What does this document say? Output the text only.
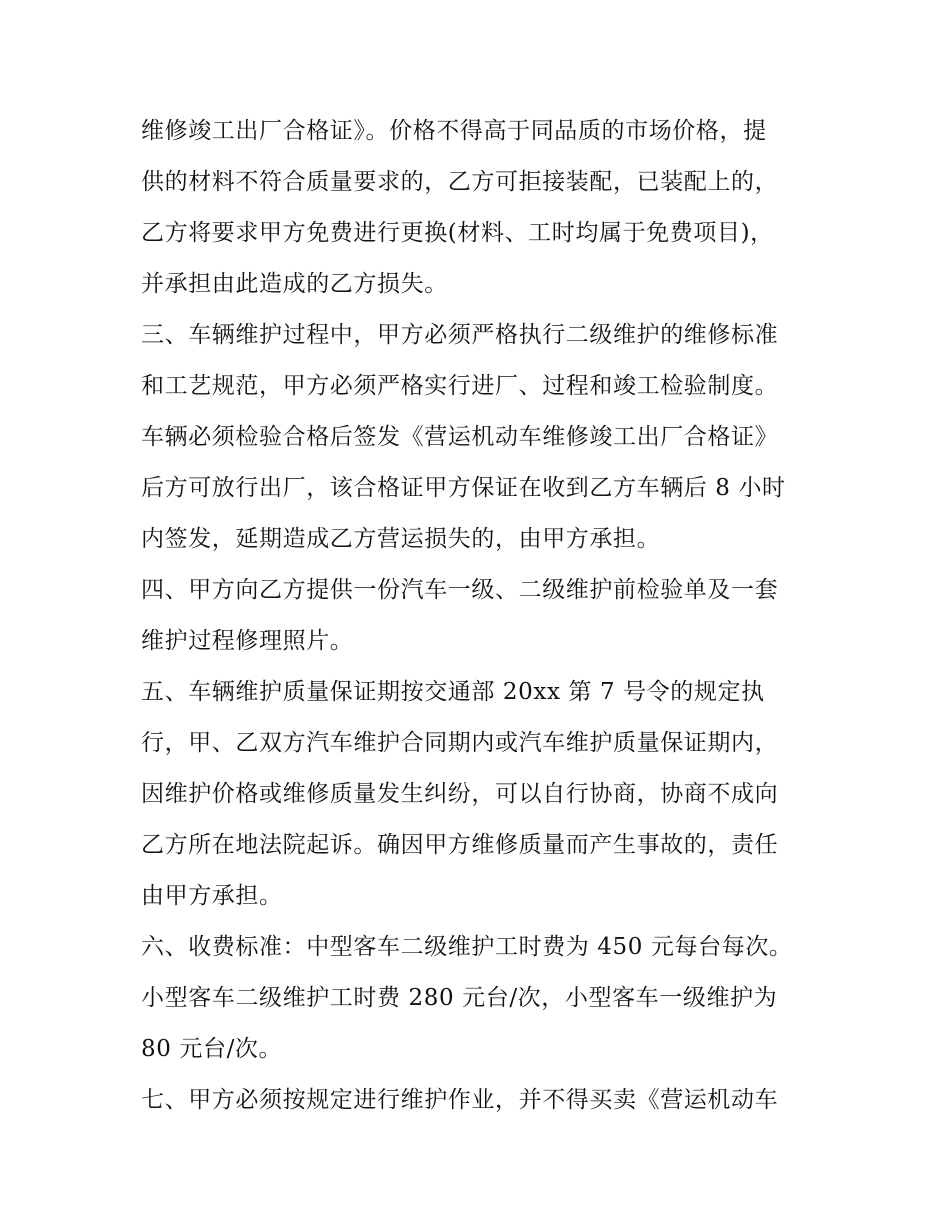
维修竣工出厂合格证》。价格不得高于同品质的市场价格，提
供的材料不符合质量要求的，乙方可拒接装配，已装配上的，
乙方将要求甲方免费进行更换(材料、工时均属于免费项目)，
并承担由此造成的乙方损失。
三、车辆维护过程中，甲方必须严格执行二级维护的维修标准
和工艺规范，甲方必须严格实行进厂、过程和竣工检验制度。
车辆必须检验合格后签发《营运机动车维修竣工出厂合格证》
后方可放行出厂，该合格证甲方保证在收到乙方车辆后 8 小时
内签发，延期造成乙方营运损失的，由甲方承担。
四、甲方向乙方提供一份汽车一级、二级维护前检验单及一套
维护过程修理照片。
五、车辆维护质量保证期按交通部 20xx 第 7 号令的规定执
行，甲、乙双方汽车维护合同期内或汽车维护质量保证期内，
因维护价格或维修质量发生纠纷，可以自行协商，协商不成向
乙方所在地法院起诉。确因甲方维修质量而产生事故的，责任
由甲方承担。
六、收费标准：中型客车二级维护工时费为 450 元每台每次。
小型客车二级维护工时费 280 元台/次，小型客车一级维护为
80 元台/次。
七、甲方必须按规定进行维护作业，并不得买卖《营运机动车
